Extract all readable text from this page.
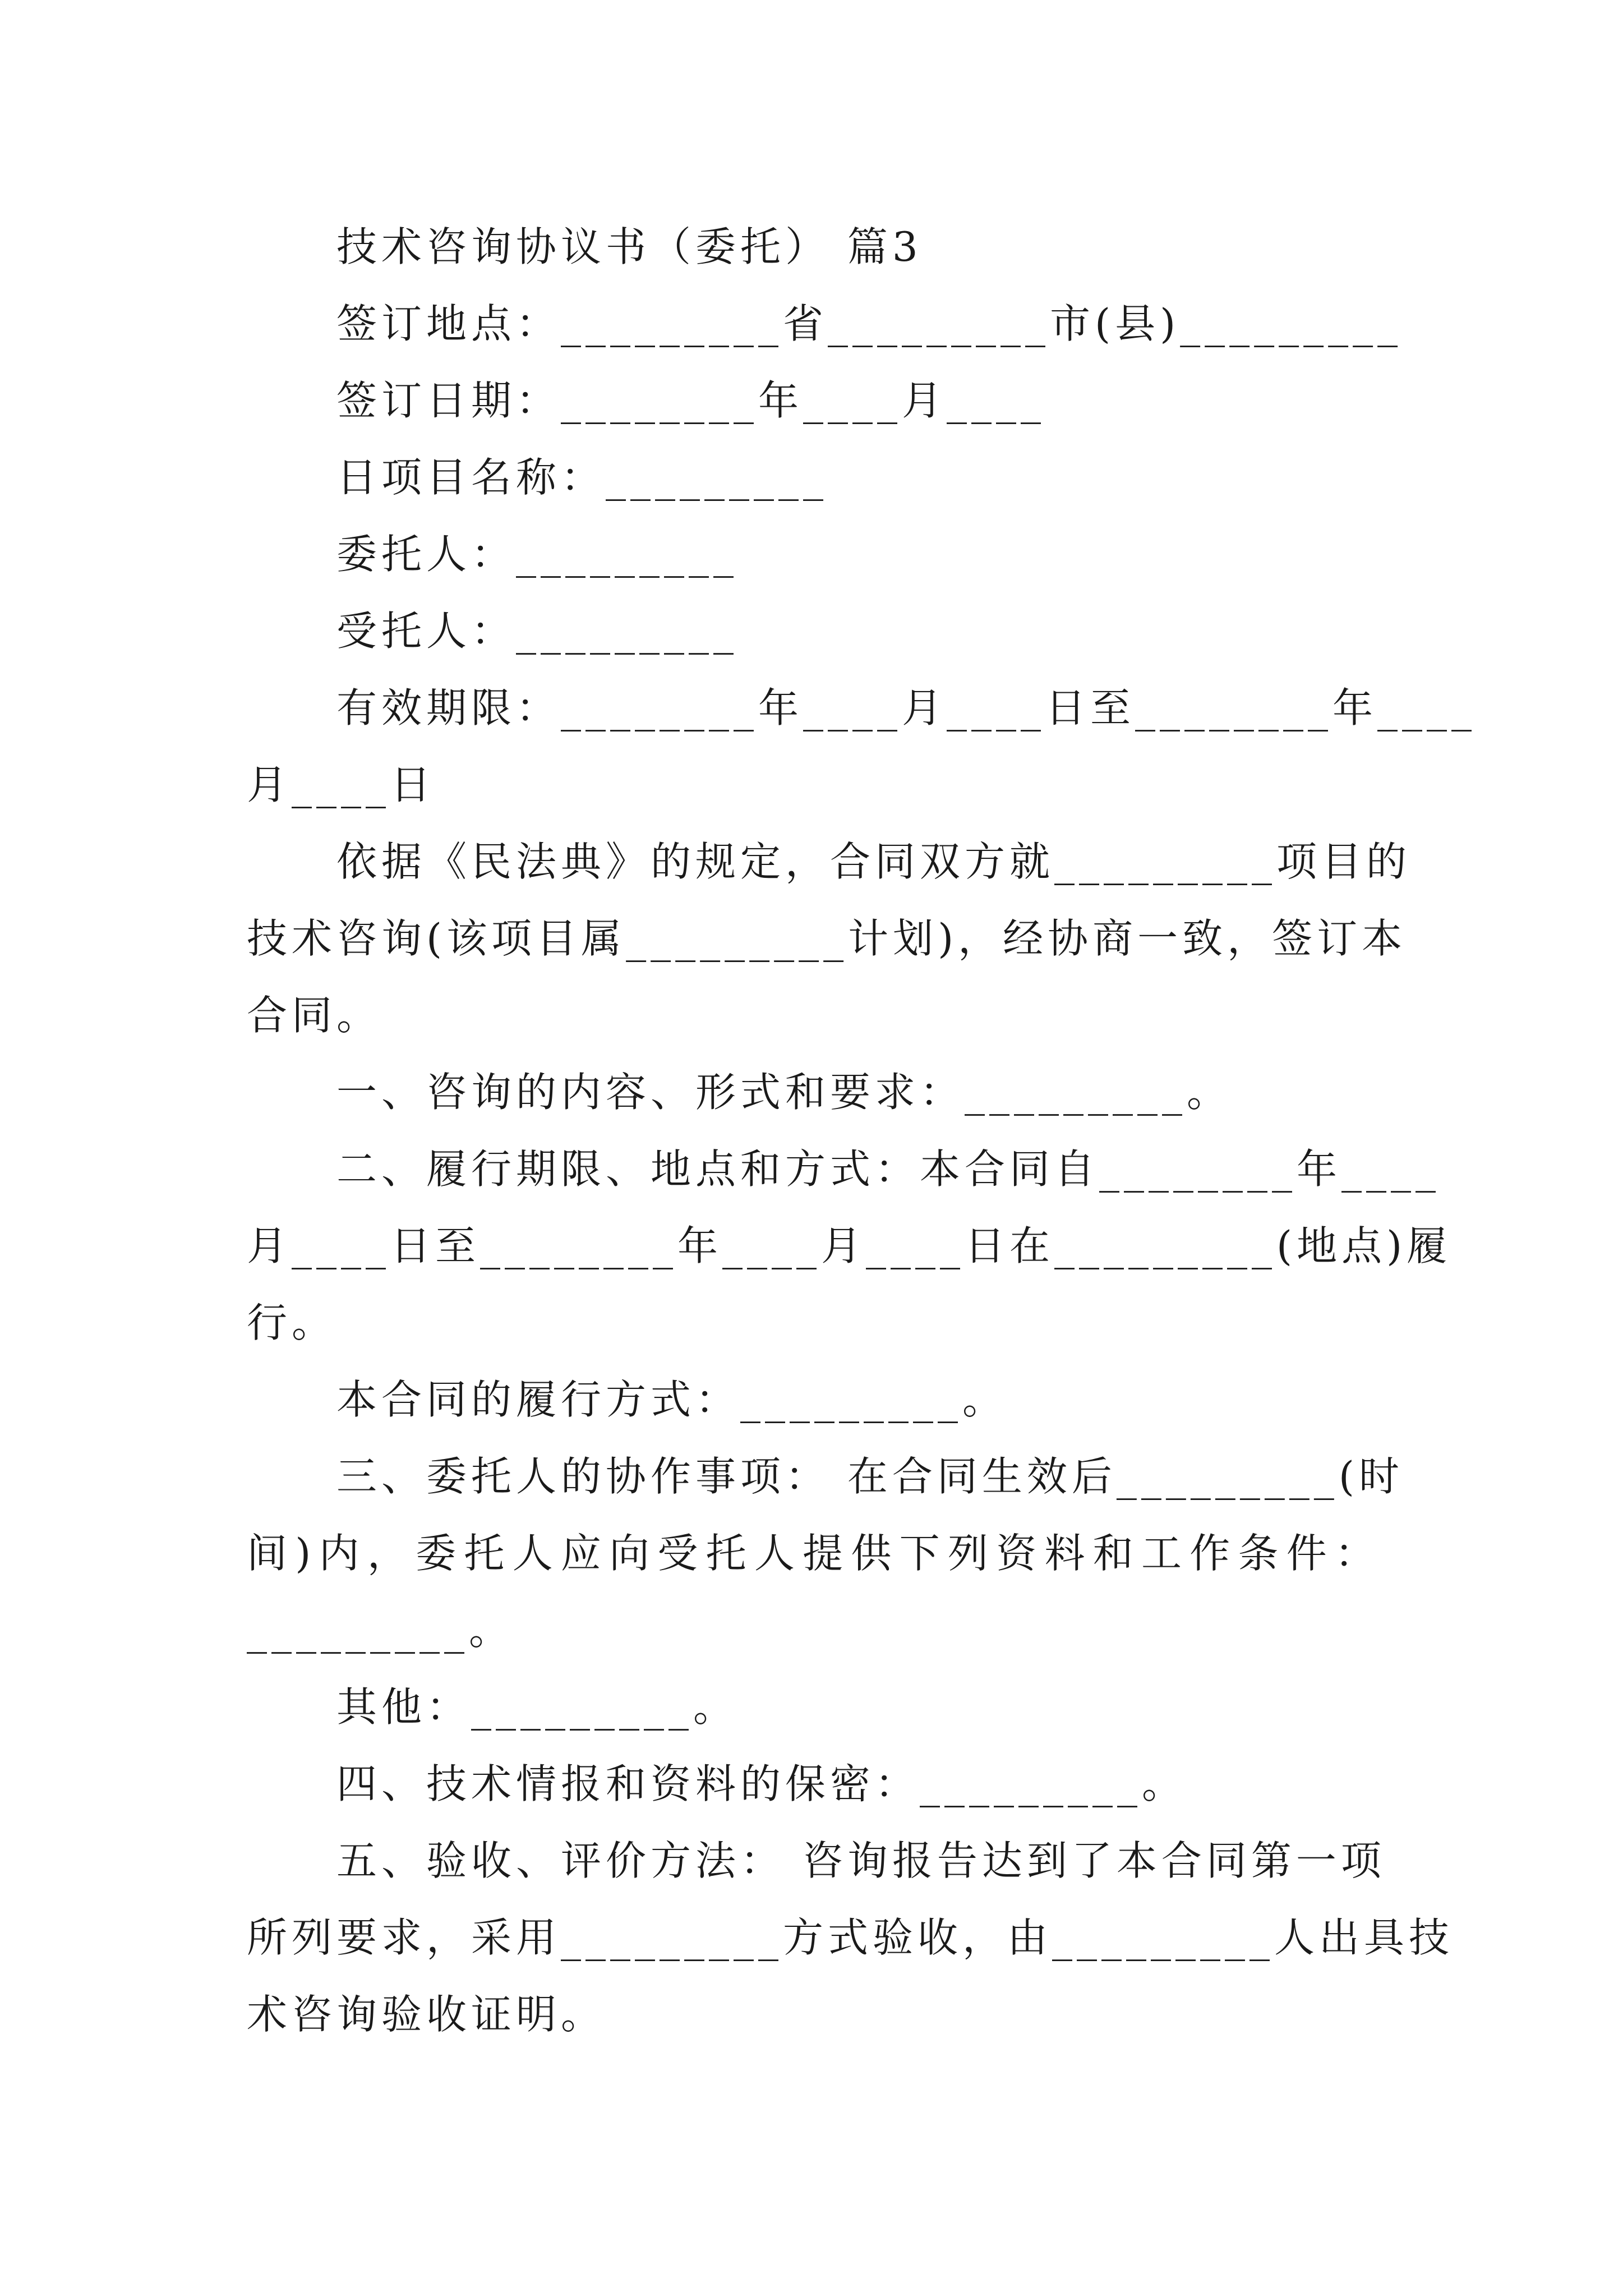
技术咨询协议书（委托） 篇3

签订地点：_________省_________市(县)_________

签订日期：________年____月____

日项目名称：_________

委托人：_________

受托人：_________

有效期限：________年____月____日至________年____

月____日

依据《民法典》的规定，合同双方就_________项目的

技术咨询(该项目属_________计划)，经协商一致，签订本

合同。

一、咨询的内容、形式和要求：_________。

二、履行期限、地点和方式：本合同自________年____

月____日至________年____月____日在_________(地点)履

行。

本合同的履行方式：_________。

三、委托人的协作事项： 在合同生效后_________(时

间)内，委托人应向受托人提供下列资料和工作条件：

_________。

其他：_________。

四、技术情报和资料的保密：_________。

五、验收、评价方法： 咨询报告达到了本合同第一项

所列要求，采用_________方式验收，由_________人出具技

术咨询验收证明。
